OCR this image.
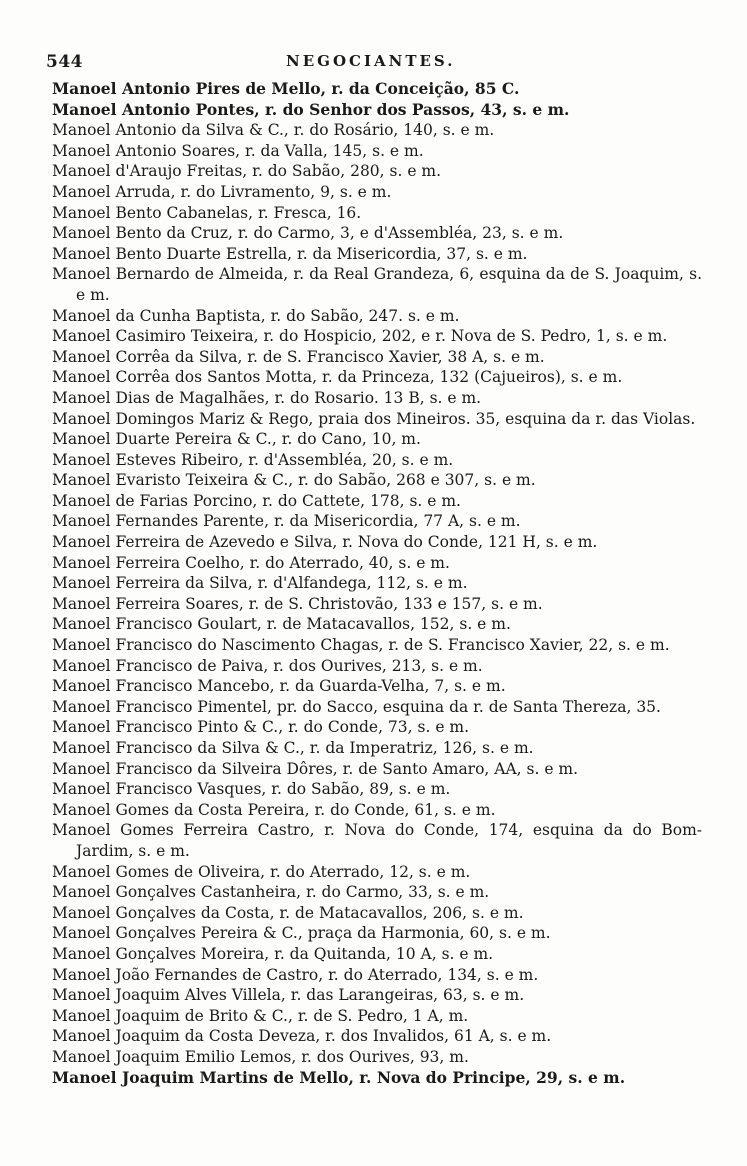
544	NEGOCIANTES.
Manoel Antonio Pires de Mello, r. da Conceição, 85 C.
Manoel Antonio Pontes, r. do Senhor dos Passos, 43, s. e m.
Manoel Antonio da Silva & C., r. do Rosário, 140, s. e m.
Manoel Antonio Soares, r. da Valla, 145, s. e m.
Manoel d'Araujo Freitas, r. do Sabão, 280, s. e m.
Manoel Arruda, r. do Livramento, 9, s. e m.
Manoel Bento Cabanelas, r. Fresca, 16.
Manoel Bento da Cruz, r. do Carmo, 3, e d'Assembléa, 23, s. e m.
Manoel Bento Duarte Estrella, r. da Misericordia, 37, s. e m.
Manoel Bernardo de Almeida, r. da Real Grandeza, 6, esquina da de S. Joaquim, s. e m.
Manoel da Cunha Baptista, r. do Sabão, 247. s. e m.
Manoel Casimiro Teixeira, r. do Hospicio, 202, e r. Nova de S. Pedro, 1, s. e m.
Manoel Corrêa da Silva, r. de S. Francisco Xavier, 38 A, s. e m.
Manoel Corrêa dos Santos Motta, r. da Princeza, 132 (Cajueiros), s. e m.
Manoel Dias de Magalhães, r. do Rosario. 13 B, s. e m.
Manoel Domingos Mariz & Rego, praia dos Mineiros. 35, esquina da r. das Violas.
Manoel Duarte Pereira & C., r. do Cano, 10, m.
Manoel Esteves Ribeiro, r. d'Assembléa, 20, s. e m.
Manoel Evaristo Teixeira & C., r. do Sabão, 268 e 307, s. e m.
Manoel de Farias Porcino, r. do Cattete, 178, s. e m.
Manoel Fernandes Parente, r. da Misericordia, 77 A, s. e m.
Manoel Ferreira de Azevedo e Silva, r. Nova do Conde, 121 H, s. e m.
Manoel Ferreira Coelho, r. do Aterrado, 40, s. e m.
Manoel Ferreira da Silva, r. d'Alfandega, 112, s. e m.
Manoel Ferreira Soares, r. de S. Christovão, 133 e 157, s. e m.
Manoel Francisco Goulart, r. de Matacavallos, 152, s. e m.
Manoel Francisco do Nascimento Chagas, r. de S. Francisco Xavier, 22, s. e m.
Manoel Francisco de Paiva, r. dos Ourives, 213, s. e m.
Manoel Francisco Mancebo, r. da Guarda-Velha, 7, s. e m.
Manoel Francisco Pimentel, pr. do Sacco, esquina da r. de Santa Thereza, 35.
Manoel Francisco Pinto & C., r. do Conde, 73, s. e m.
Manoel Francisco da Silva & C., r. da Imperatriz, 126, s. e m.
Manoel Francisco da Silveira Dôres, r. de Santo Amaro, AA, s. e m.
Manoel Francisco Vasques, r. do Sabão, 89, s. e m.
Manoel Gomes da Costa Pereira, r. do Conde, 61, s. e m.
Manoel Gomes Ferreira Castro, r. Nova do Conde, 174, esquina da do Bom-Jardim, s. e m.
Manoel Gomes de Oliveira, r. do Aterrado, 12, s. e m.
Manoel Gonçalves Castanheira, r. do Carmo, 33, s. e m.
Manoel Gonçalves da Costa, r. de Matacavallos, 206, s. e m.
Manoel Gonçalves Pereira & C., praça da Harmonia, 60, s. e m.
Manoel Gonçalves Moreira, r. da Quitanda, 10 A, s. e m.
Manoel João Fernandes de Castro, r. do Aterrado, 134, s. e m.
Manoel Joaquim Alves Villela, r. das Larangeiras, 63, s. e m.
Manoel Joaquim de Brito & C., r. de S. Pedro, 1 A, m.
Manoel Joaquim da Costa Deveza, r. dos Invalidos, 61 A, s. e m.
Manoel Joaquim Emilio Lemos, r. dos Ourives, 93, m.
Manoel Joaquim Martins de Mello, r. Nova do Principe, 29, s. e m.
